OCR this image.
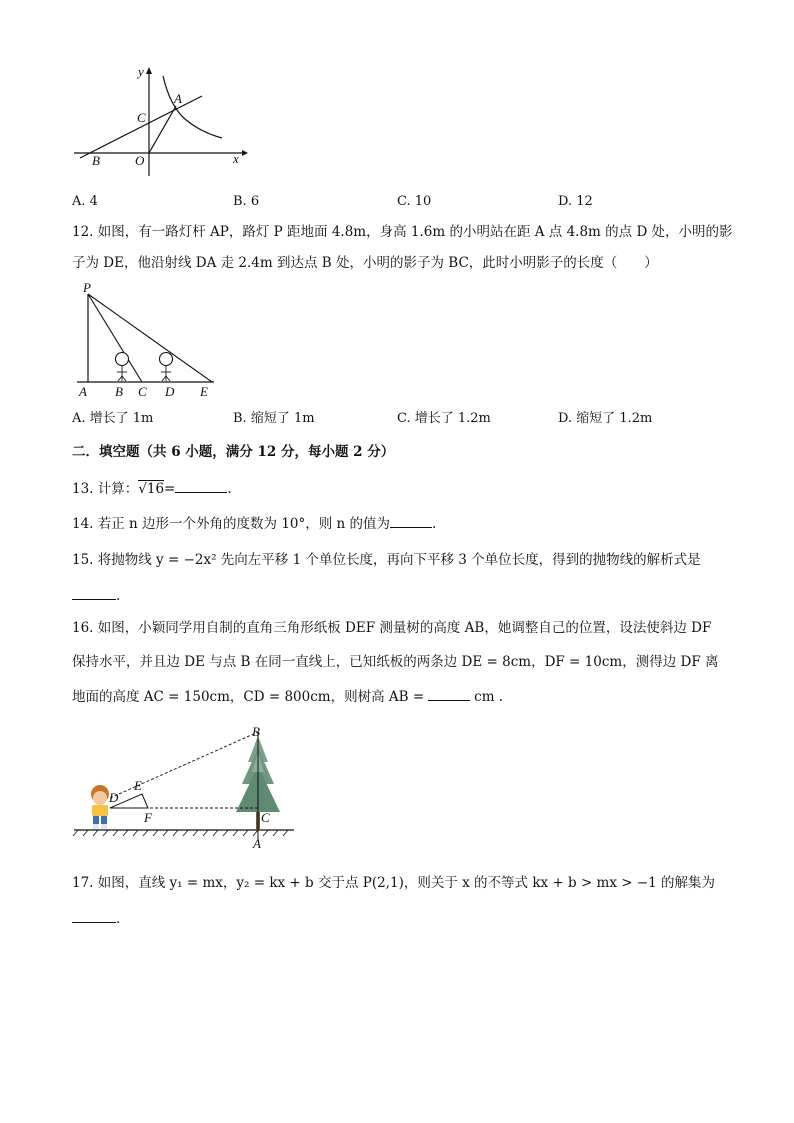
y
x
A
C
B	O
A. 4	B. 6	C. 10	D. 12
12. 如图，有一路灯杆 AP，路灯 P 距地面 4.8m，身高 1.6m 的小明站在距 A 点 4.8m 的点 D 处，小明的影
子为 DE，他沿射线 DA 走 2.4m 到达点 B 处，小明的影子为 BC，此时小明影子的长度（　　）
P
A B C D E
A. 增长了 1m	B. 缩短了 1m	C. 增长了 1.2m	D. 缩短了 1.2m
二．填空题（共 6 小题，满分 12 分，每小题 2 分）
13. 计算：√16=	.
14. 若正 n 边形一个外角的度数为 10°，则 n 的值为	.
15. 将抛物线 y = −2x² 先向左平移 1 个单位长度，再向下平移 3 个单位长度，得到的抛物线的解析式是
.
16. 如图，小颖同学用自制的直角三角形纸板 DEF 测量树的高度 AB，她调整自己的位置，设法使斜边 DF
保持水平，并且边 DE 与点 B 在同一直线上，已知纸板的两条边 DE = 8cm，DF = 10cm，测得边 DF 离
地面的高度 AC = 150cm，CD = 800cm，则树高 AB =	cm .
B
E
D
F	C
A
17. 如图，直线 y₁ = mx，y₂ = kx + b 交于点 P(2,1)，则关于 x 的不等式 kx + b > mx > −1 的解集为
.
